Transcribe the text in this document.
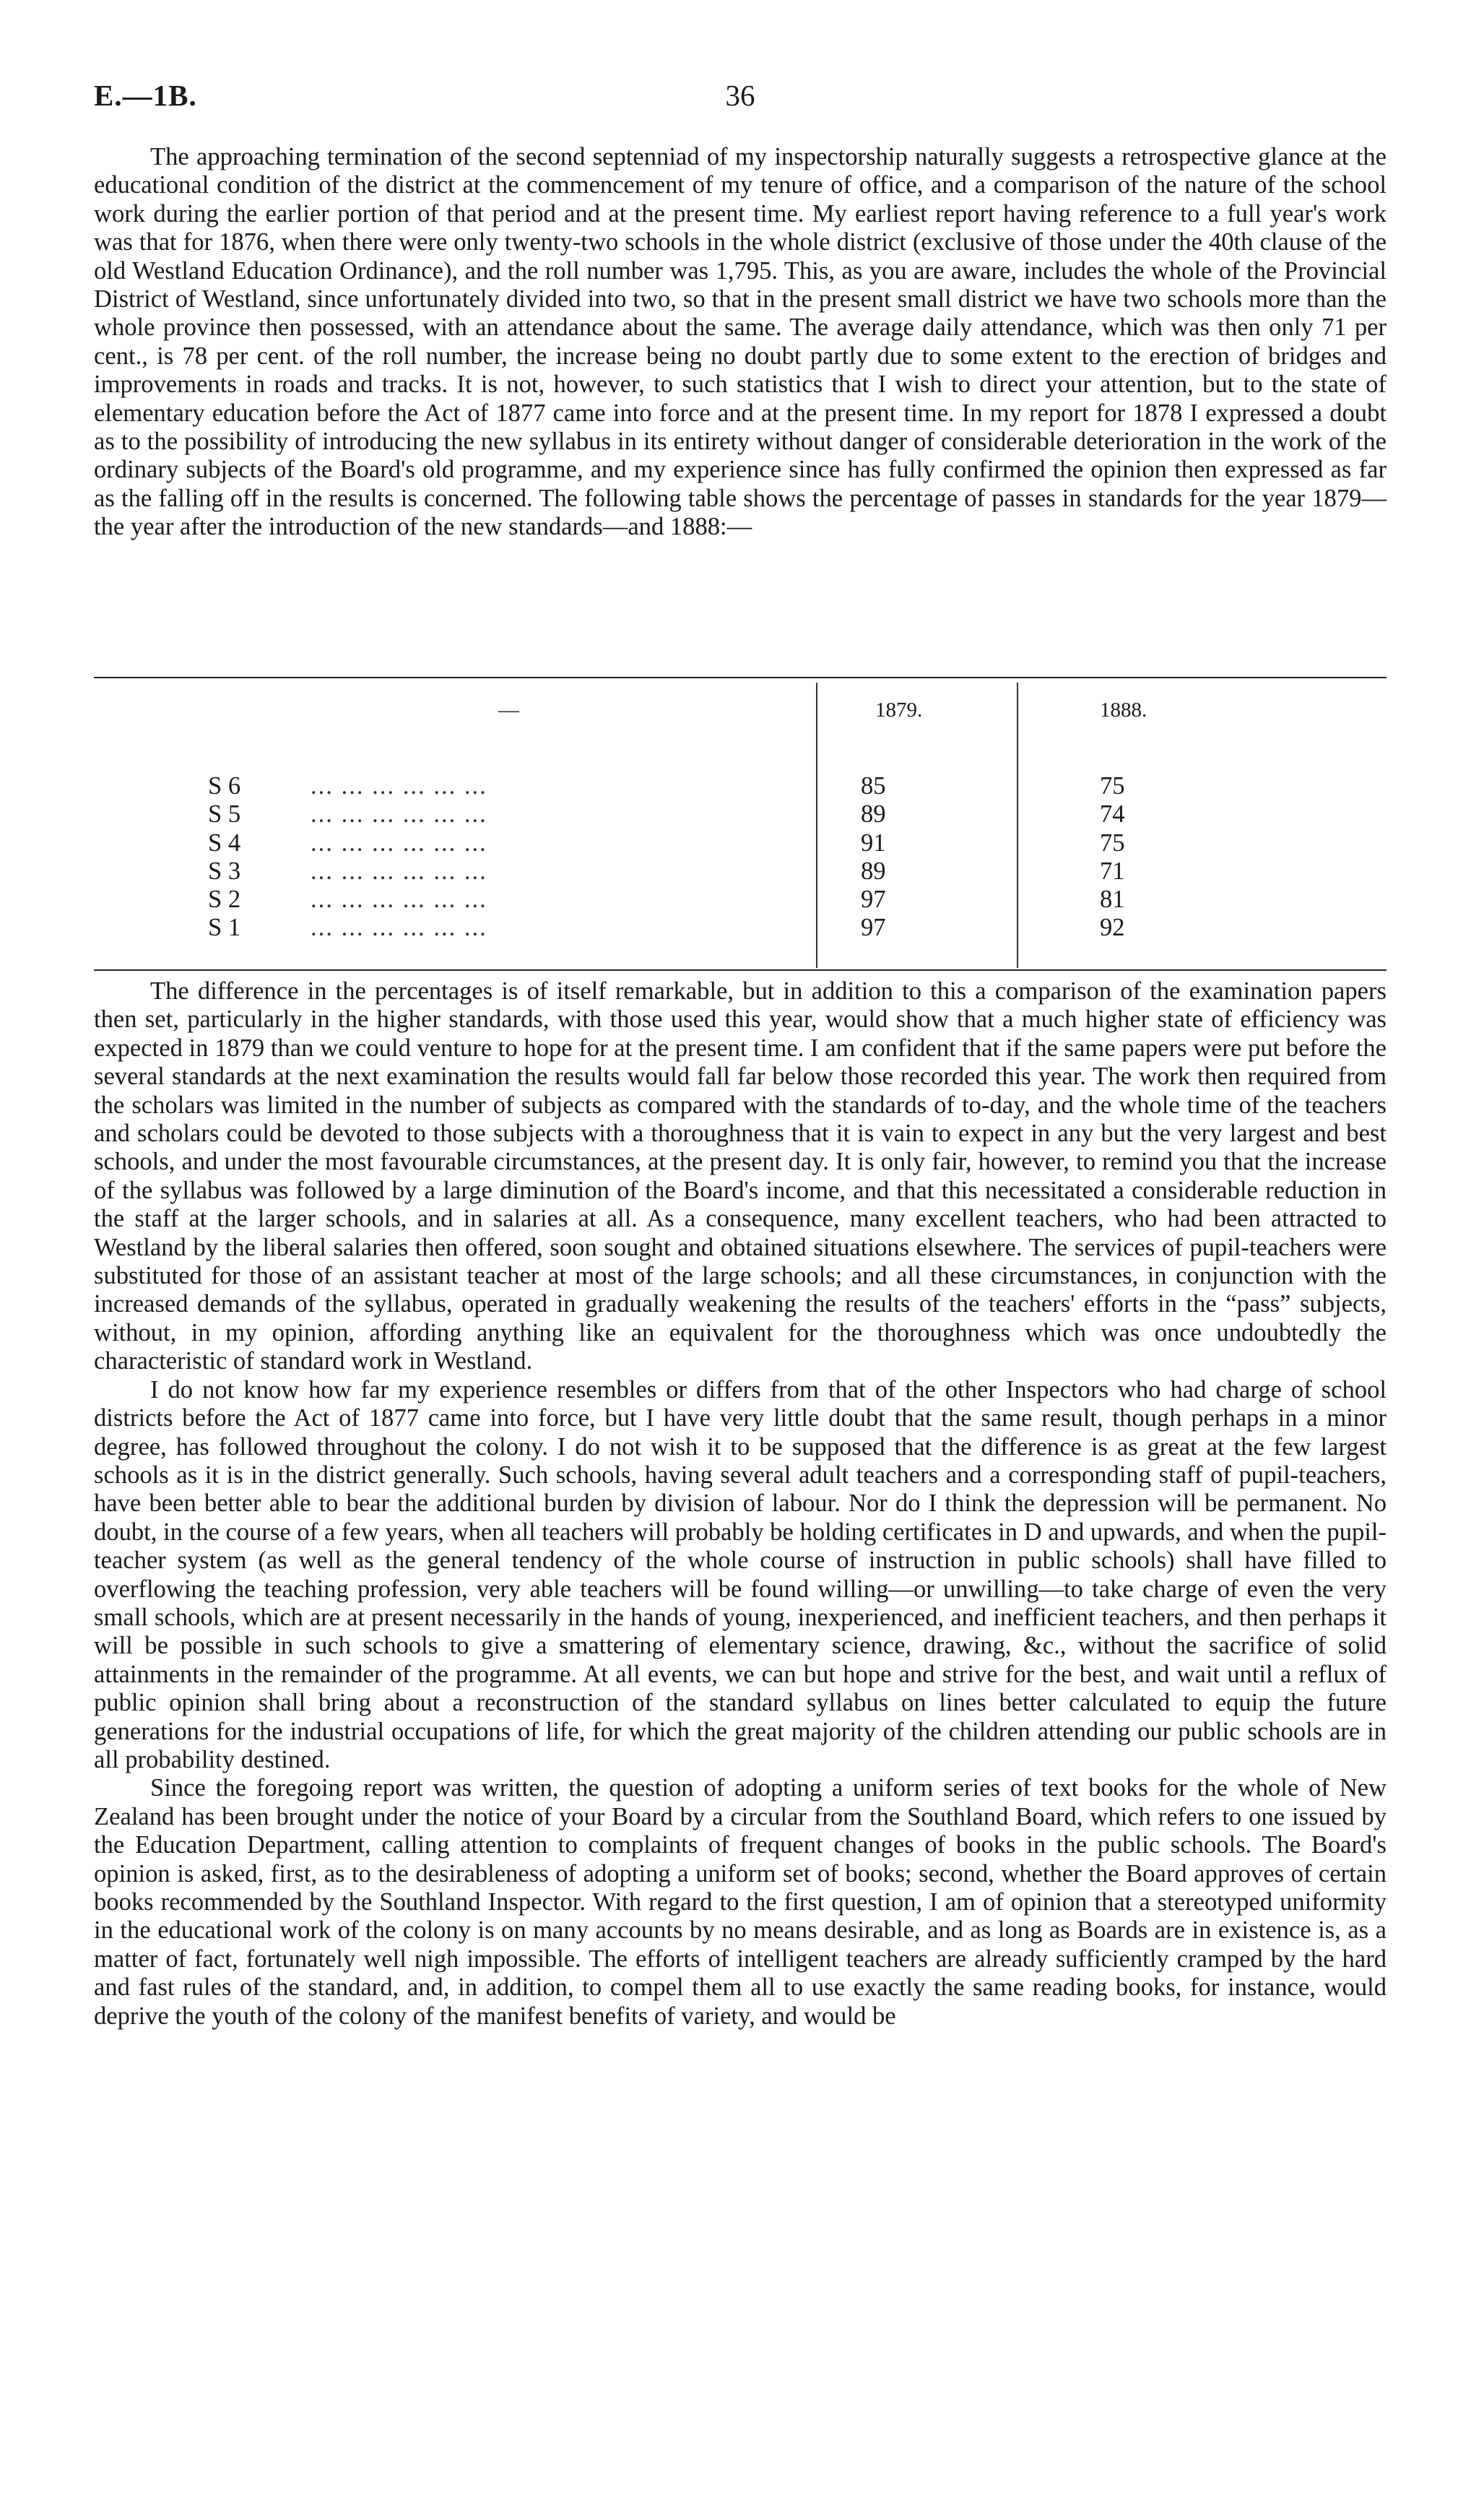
E.—1B.	36

The approaching termination of the second septenniad of my inspectorship naturally suggests a retrospective glance at the educational condition of the district at the commencement of my tenure of office, and a comparison of the nature of the school work during the earlier portion of that period and at the present time. My earliest report having reference to a full year's work was that for 1876, when there were only twenty-two schools in the whole district (exclusive of those under the 40th clause of the old Westland Education Ordinance), and the roll number was 1,795. This, as you are aware, includes the whole of the Provincial District of Westland, since unfortunately divided into two, so that in the present small district we have two schools more than the whole province then possessed, with an attendance about the same. The average daily attendance, which was then only 71 per cent., is 78 per cent. of the roll number, the increase being no doubt partly due to some extent to the erection of bridges and improvements in roads and tracks. It is not, however, to such statistics that I wish to direct your attention, but to the state of elementary education before the Act of 1877 came into force and at the present time. In my report for 1878 I expressed a doubt as to the possibility of introducing the new syllabus in its entirety without danger of considerable deterioration in the work of the ordinary subjects of the Board's old programme, and my experience since has fully confirmed the opinion then expressed as far as the falling off in the results is concerned. The following table shows the percentage of passes in standards for the year 1879—the year after the introduction of the new standards—and 1888:—

—	1879.	1888.
S 6	... ... ... ... ... ...	85	75
S 5	... ... ... ... ... ...	89	74
S 4	... ... ... ... ... ...	91	75
S 3	... ... ... ... ... ...	89	71
S 2	... ... ... ... ... ...	97	81
S 1	... ... ... ... ... ...	97	92

The difference in the percentages is of itself remarkable, but in addition to this a comparison of the examination papers then set, particularly in the higher standards, with those used this year, would show that a much higher state of efficiency was expected in 1879 than we could venture to hope for at the present time. I am confident that if the same papers were put before the several standards at the next examination the results would fall far below those recorded this year. The work then required from the scholars was limited in the number of subjects as compared with the standards of to-day, and the whole time of the teachers and scholars could be devoted to those subjects with a thoroughness that it is vain to expect in any but the very largest and best schools, and under the most favourable circumstances, at the present day. It is only fair, however, to remind you that the increase of the syllabus was followed by a large diminution of the Board's income, and that this necessitated a considerable reduction in the staff at the larger schools, and in salaries at all. As a consequence, many excellent teachers, who had been attracted to Westland by the liberal salaries then offered, soon sought and obtained situations elsewhere. The services of pupil-teachers were substituted for those of an assistant teacher at most of the large schools; and all these circumstances, in conjunction with the increased demands of the syllabus, operated in gradually weakening the results of the teachers' efforts in the “pass” subjects, without, in my opinion, affording anything like an equivalent for the thoroughness which was once undoubtedly the characteristic of standard work in Westland.

I do not know how far my experience resembles or differs from that of the other Inspectors who had charge of school districts before the Act of 1877 came into force, but I have very little doubt that the same result, though perhaps in a minor degree, has followed throughout the colony. I do not wish it to be supposed that the difference is as great at the few largest schools as it is in the district generally. Such schools, having several adult teachers and a corresponding staff of pupil-teachers, have been better able to bear the additional burden by division of labour. Nor do I think the depression will be permanent. No doubt, in the course of a few years, when all teachers will probably be holding certificates in D and upwards, and when the pupil-teacher system (as well as the general tendency of the whole course of instruction in public schools) shall have filled to overflowing the teaching profession, very able teachers will be found willing—or unwilling—to take charge of even the very small schools, which are at present necessarily in the hands of young, inexperienced, and inefficient teachers, and then perhaps it will be possible in such schools to give a smattering of elementary science, drawing, &c., without the sacrifice of solid attainments in the remainder of the programme. At all events, we can but hope and strive for the best, and wait until a reflux of public opinion shall bring about a reconstruction of the standard syllabus on lines better calculated to equip the future generations for the industrial occupations of life, for which the great majority of the children attending our public schools are in all probability destined.

Since the foregoing report was written, the question of adopting a uniform series of text books for the whole of New Zealand has been brought under the notice of your Board by a circular from the Southland Board, which refers to one issued by the Education Department, calling attention to complaints of frequent changes of books in the public schools. The Board's opinion is asked, first, as to the desirableness of adopting a uniform set of books; second, whether the Board approves of certain books recommended by the Southland Inspector. With regard to the first question, I am of opinion that a stereotyped uniformity in the educational work of the colony is on many accounts by no means desirable, and as long as Boards are in existence is, as a matter of fact, fortunately well nigh impossible. The efforts of intelligent teachers are already sufficiently cramped by the hard and fast rules of the standard, and, in addition, to compel them all to use exactly the same reading books, for instance, would deprive the youth of the colony of the manifest benefits of variety, and would be
